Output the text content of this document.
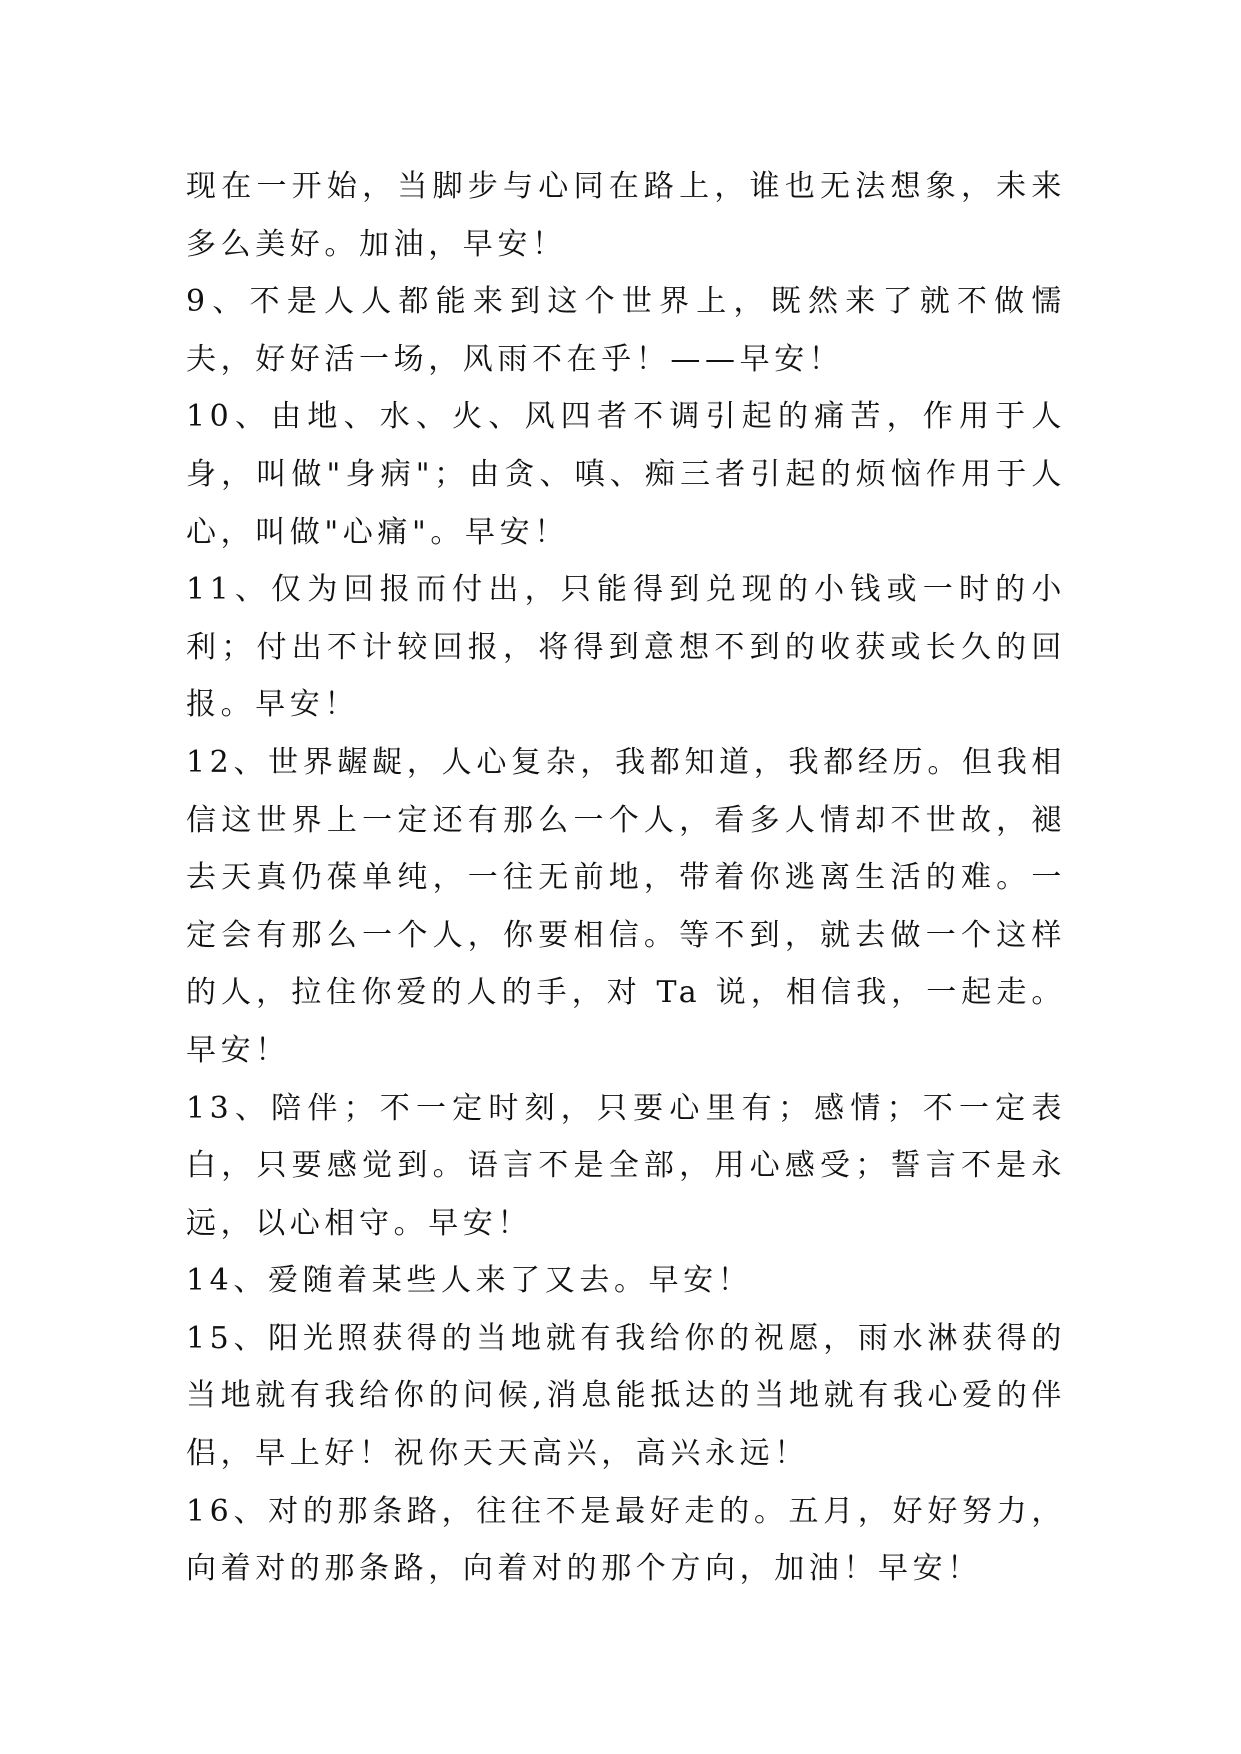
现在一开始，当脚步与心同在路上，谁也无法想象，未来多么美好。加油，早安！

9、不是人人都能来到这个世界上，既然来了就不做懦夫，好好活一场，风雨不在乎！——早安！

10、由地、水、火、风四者不调引起的痛苦，作用于人身，叫做"身病"；由贪、嗔、痴三者引起的烦恼作用于人心，叫做"心痛"。早安！

11、仅为回报而付出，只能得到兑现的小钱或一时的小利；付出不计较回报，将得到意想不到的收获或长久的回报。早安！

12、世界龌龊，人心复杂，我都知道，我都经历。但我相信这世界上一定还有那么一个人，看多人情却不世故，褪去天真仍葆单纯，一往无前地，带着你逃离生活的难。一定会有那么一个人，你要相信。等不到，就去做一个这样的人，拉住你爱的人的手，对 Ta 说，相信我，一起走。早安！

13、陪伴；不一定时刻，只要心里有；感情；不一定表白，只要感觉到。语言不是全部，用心感受；誓言不是永远，以心相守。早安！

14、爱随着某些人来了又去。早安！

15、阳光照获得的当地就有我给你的祝愿，雨水淋获得的当地就有我给你的问候,消息能抵达的当地就有我心爱的伴侣，早上好！祝你天天高兴，高兴永远！

16、对的那条路，往往不是最好走的。五月，好好努力，向着对的那条路，向着对的那个方向，加油！早安！
